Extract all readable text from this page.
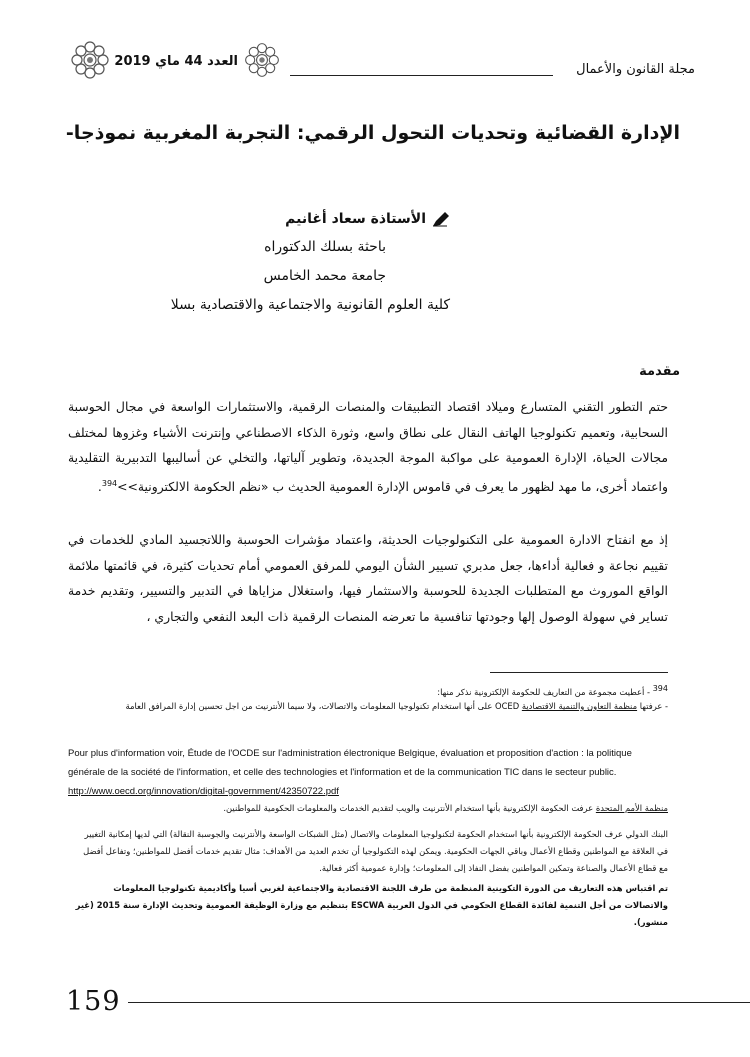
العدد 44 ماي 2019
مجلة القانون والأعمال
الإدارة القضائية وتحديات التحول الرقمي: التجربة المغربية نموذجا-
الأستاذة سعاد أغانيم
باحثة بسلك الدكتوراه
جامعة محمد الخامس
كلية العلوم القانونية والاجتماعية والاقتصادية بسلا
مقدمة
حتم التطور التقني المتسارع وميلاد اقتصاد التطبيقات والمنصات الرقمية، والاستثمارات الواسعة في مجال الحوسبة السحابية، وتعميم تكنولوجيا الهاتف النقال على نطاق واسع، وثورة الذكاء الاصطناعي وإنترنت الأشياء وغزوها لمختلف مجالات الحياة، الإدارة العمومية على مواكبة الموجة الجديدة، وتطوير آلياتها، والتخلي عن أساليبها التدبيرية التقليدية واعتماد أخرى، ما مهد لظهور ما يعرف في قاموس الإدارة العمومية الحديث ب «نظم الحكومة الالكترونية>>$^{394}$.
إذ مع انفتاح الادارة العمومية على التكنولوجيات الحديثة، واعتماد مؤشرات الحوسبة واللاتجسيد المادي للخدمات في تقييم نجاعة و فعالية أداءها، جعل مدبري تسيير الشأن اليومي للمرفق العمومي أمام تحديات كثيرة، في قائمتها ملائمة الواقع الموروث مع المتطلبات الجديدة للحوسبة والاستثمار فيها، واستغلال مزاياها في التدبير والتسيير، وتقديم خدمة تساير في سهولة الوصول إلها وجودتها تنافسية ما تعرضه المنصات الرقمية ذات البعد النفعي والتجاري ،
$^{394}$ - أعطيت مجموعة من التعاريف للحكومة الإلكترونية نذكر منها:
- عرفتها منظمة التعاون والتنمية الاقتصادية OCED على أنها استخدام تكنولوجيا المعلومات والاتصالات، ولا سيما الأنترنيت من اجل تحسين إدارة المرافق العامة
Pour plus d'information voir, Étude de l'OCDE sur l'administration électronique Belgique, évaluation et proposition d'action : la politique générale de la société de l'information, et celle des technologies et l'information et de la communication TIC dans le secteur public.
http://www.oecd.org/innovation/digital-government/42350722.pdf
منظمة الأمم المتحدة عرفت الحكومة الإلكترونية بأنها استخدام الأنترنيت والويب لتقديم الخدمات والمعلومات الحكومية للمواطنين.
البنك الدولي عرف الحكومة الإلكترونية بأنها استخدام الحكومة لتكنولوجيا المعلومات والاتصال (مثل الشبكات الواسعة والأنترنيت والجوسبة النقالة) التي لديها إمكانية التغيير في العلاقة مع المواطنين وقطاع الأعمال وباقي الجهات الحكومية. ويمكن لهذه التكنولوجيا أن تخدم العديد من الأهداف: مثال تقديم خدمات أفضل للمواطنين؛ وتفاعل أفضل مع قطاع الأعمال والصناعة وتمكين المواطنين بفضل النفاذ إلى المعلومات؛ وإدارة عمومية أكثر فعالية.
تم اقتباس هذه التعاريف من الدورة التكوينية المنظمة من طرف اللجنة الاقتصادية والاجتماعية لغربي أسيا وأكاديمية تكنولوجيا المعلومات والاتصالات من أجل التنمية لفائدة القطاع الحكومي في الدول العربية ESCWA بتنظيم مع وزارة الوظيفة العمومية وتحديث الإدارة سنة 2015 (غير منشور).
159
